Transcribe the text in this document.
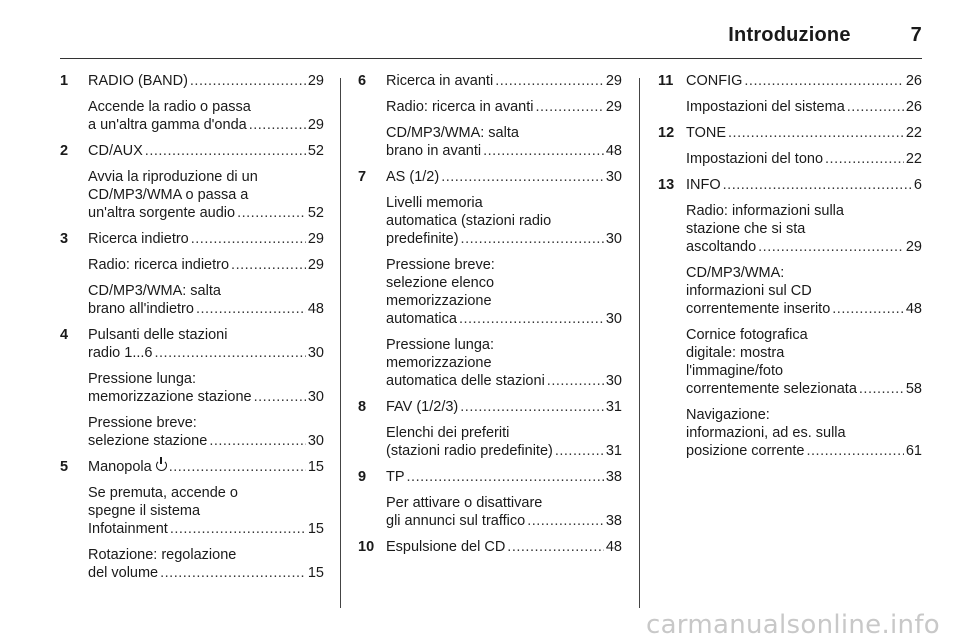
Introduzione	7
1	RADIO (BAND) .....	29
Accende la radio o passa
a un'altra gamma d'onda .....	29
2	CD/AUX .....	52
Avvia la riproduzione di un
CD/MP3/WMA o passa a
un'altra sorgente audio .....	52
3	Ricerca indietro .....	29
Radio: ricerca indietro .....	29
CD/MP3/WMA: salta
brano all'indietro .....	48
4	Pulsanti delle stazioni
radio 1...6 .....	30
Pressione lunga:
memorizzazione stazione .....	30
Pressione breve:
selezione stazione .....	30
5	Manopola .....	15
Se premuta, accende o
spegne il sistema
Infotainment .....	15
Rotazione: regolazione
del volume .....	15
6	Ricerca in avanti .....	29
Radio: ricerca in avanti .....	29
CD/MP3/WMA: salta
brano in avanti .....	48
7	AS (1/2) .....	30
Livelli memoria
automatica (stazioni radio
predefinite) .....	30
Pressione breve:
selezione elenco
memorizzazione
automatica .....	30
Pressione lunga:
memorizzazione
automatica delle stazioni .....	30
8	FAV (1/2/3) .....	31
Elenchi dei preferiti
(stazioni radio predefinite) .....	31
9	TP .....	38
Per attivare o disattivare
gli annunci sul traffico .....	38
10 Espulsione del CD .....	48
11 CONFIG .....	26
Impostazioni del sistema .....	26
12 TONE .....	22
Impostazioni del tono .....	22
13 INFO .....	6
Radio: informazioni sulla
stazione che si sta
ascoltando .....	29
CD/MP3/WMA:
informazioni sul CD
correntemente inserito .....	48
Cornice fotografica
digitale: mostra
l'immagine/foto
correntemente selezionata .....	58
Navigazione:
informazioni, ad es. sulla
posizione corrente .....	61
carmanualsonline.info
